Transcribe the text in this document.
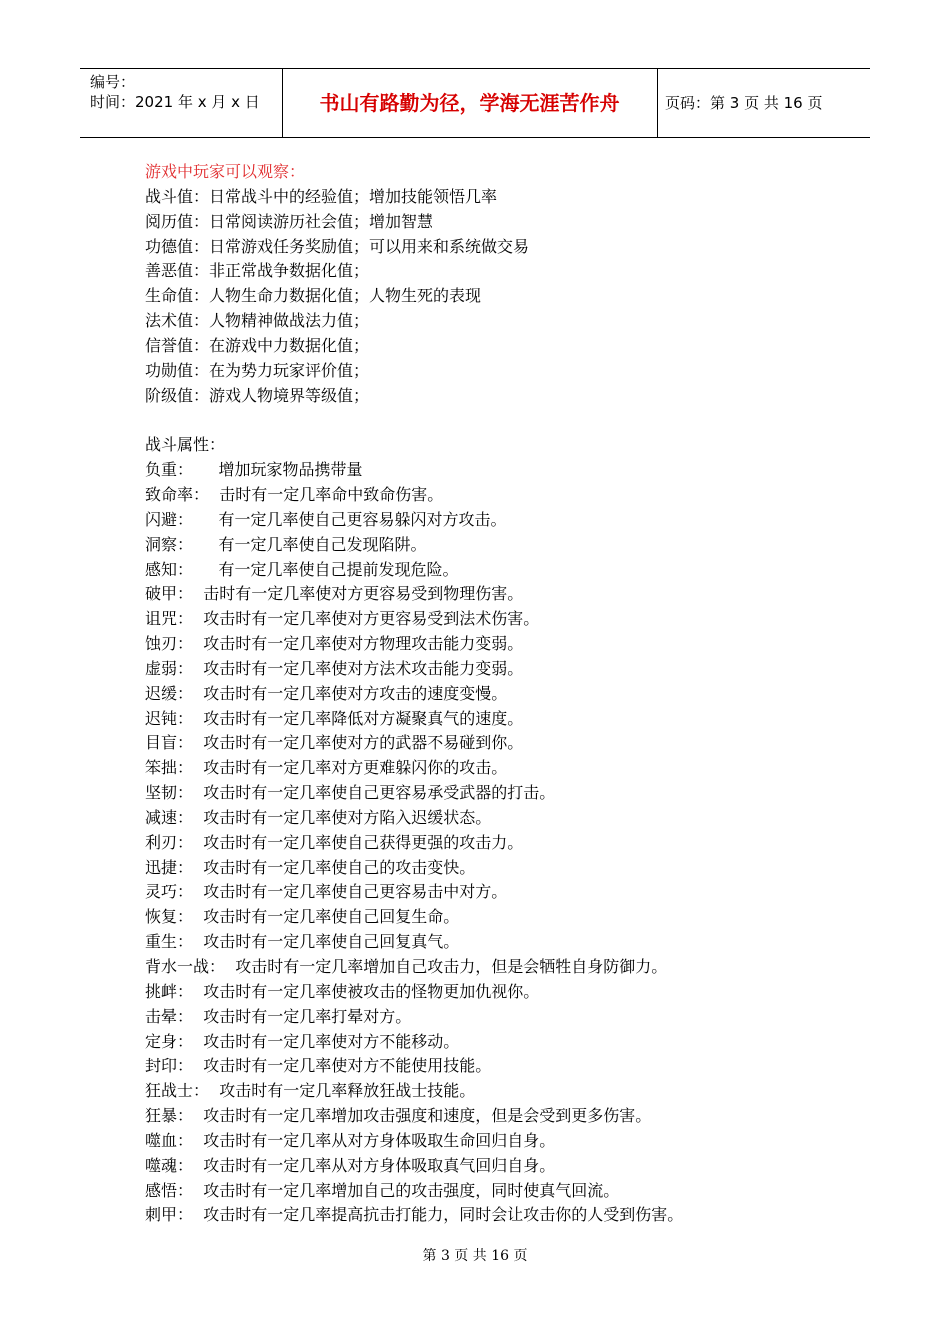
编号：
时间：2021 年 x 月 x 日	书山有路勤为径，学海无涯苦作舟	页码：第 3 页 共 16 页
游戏中玩家可以观察：
战斗值：日常战斗中的经验值；增加技能领悟几率
阅历值：日常阅读游历社会值；增加智慧
功德值：日常游戏任务奖励值；可以用来和系统做交易
善恶值：非正常战争数据化值；
生命值：人物生命力数据化值；人物生死的表现
法术值：人物精神做战法力值；
信誉值：在游戏中力数据化值；
功勋值：在为势力玩家评价值；
阶级值：游戏人物境界等级值；
战斗属性：
负重： 增加玩家物品携带量
致命率： 击时有一定几率命中致命伤害。
闪避： 有一定几率使自己更容易躲闪对方攻击。
洞察： 有一定几率使自己发现陷阱。
感知： 有一定几率使自己提前发现危险。
破甲： 击时有一定几率使对方更容易受到物理伤害。
诅咒： 攻击时有一定几率使对方更容易受到法术伤害。
蚀刃： 攻击时有一定几率使对方物理攻击能力变弱。
虚弱： 攻击时有一定几率使对方法术攻击能力变弱。
迟缓： 攻击时有一定几率使对方攻击的速度变慢。
迟钝： 攻击时有一定几率降低对方凝聚真气的速度。
目盲： 攻击时有一定几率使对方的武器不易碰到你。
笨拙： 攻击时有一定几率对方更难躲闪你的攻击。
坚韧： 攻击时有一定几率使自己更容易承受武器的打击。
减速： 攻击时有一定几率使对方陷入迟缓状态。
利刃： 攻击时有一定几率使自己获得更强的攻击力。
迅捷： 攻击时有一定几率使自己的攻击变快。
灵巧： 攻击时有一定几率使自己更容易击中对方。
恢复： 攻击时有一定几率使自己回复生命。
重生： 攻击时有一定几率使自己回复真气。
背水一战： 攻击时有一定几率增加自己攻击力，但是会牺牲自身防御力。
挑衅： 攻击时有一定几率使被攻击的怪物更加仇视你。
击晕： 攻击时有一定几率打晕对方。
定身： 攻击时有一定几率使对方不能移动。
封印： 攻击时有一定几率使对方不能使用技能。
狂战士： 攻击时有一定几率释放狂战士技能。
狂暴： 攻击时有一定几率增加攻击强度和速度，但是会受到更多伤害。
噬血： 攻击时有一定几率从对方身体吸取生命回归自身。
噬魂： 攻击时有一定几率从对方身体吸取真气回归自身。
感悟： 攻击时有一定几率增加自己的攻击强度，同时使真气回流。
刺甲： 攻击时有一定几率提高抗击打能力，同时会让攻击你的人受到伤害。
第 3 页 共 16 页
